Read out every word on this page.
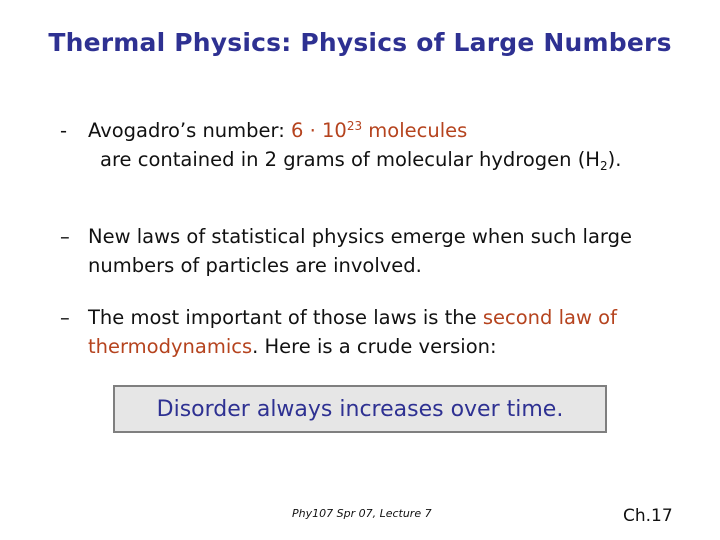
Thermal Physics: Physics of Large Numbers
-	Avogadro’s number: $6 \cdot 10^{23}$ molecules
are contained in 2 grams of molecular hydrogen $(H_2)$.
– New laws of statistical physics emerge when such large
numbers of particles are involved.
– The most important of those laws is the second law of
thermodynamics. Here is a crude version:
Disorder always increases over time.
Phy107 Spr 07, Lecture 7	Ch.17
